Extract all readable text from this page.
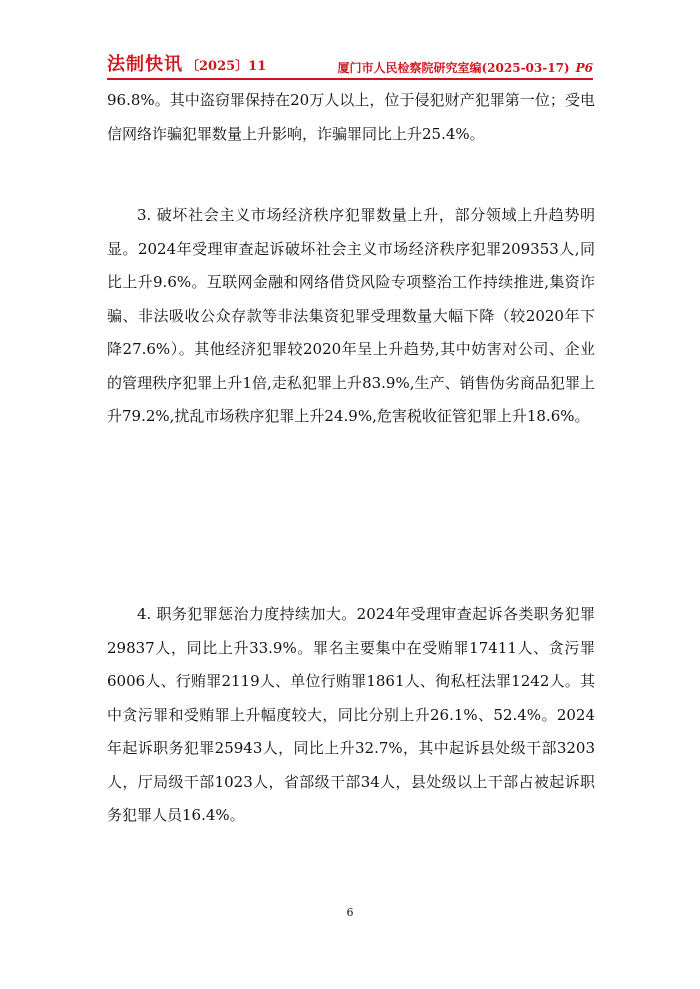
法制快讯 〔2025〕11	厦门市人民检察院研究室编(2025-03-17) P6

96.8%。其中盗窃罪保持在20万人以上，位于侵犯财产犯罪第一位；受电信网络诈骗犯罪数量上升影响，诈骗罪同比上升25.4%。

3. 破坏社会主义市场经济秩序犯罪数量上升，部分领域上升趋势明显。2024年受理审查起诉破坏社会主义市场经济秩序犯罪209353人,同比上升9.6%。互联网金融和网络借贷风险专项整治工作持续推进,集资诈骗、非法吸收公众存款等非法集资犯罪受理数量大幅下降（较2020年下降27.6%）。其他经济犯罪较2020年呈上升趋势,其中妨害对公司、企业的管理秩序犯罪上升1倍,走私犯罪上升83.9%,生产、销售伪劣商品犯罪上升79.2%,扰乱市场秩序犯罪上升24.9%,危害税收征管犯罪上升18.6%。

4. 职务犯罪惩治力度持续加大。2024年受理审查起诉各类职务犯罪29837人，同比上升33.9%。罪名主要集中在受贿罪17411人、贪污罪6006人、行贿罪2119人、单位行贿罪1861人、徇私枉法罪1242人。其中贪污罪和受贿罪上升幅度较大，同比分别上升26.1%、52.4%。2024年起诉职务犯罪25943人，同比上升32.7%，其中起诉县处级干部3203人，厅局级干部1023人，省部级干部34人，县处级以上干部占被起诉职务犯罪人员16.4%。

6
